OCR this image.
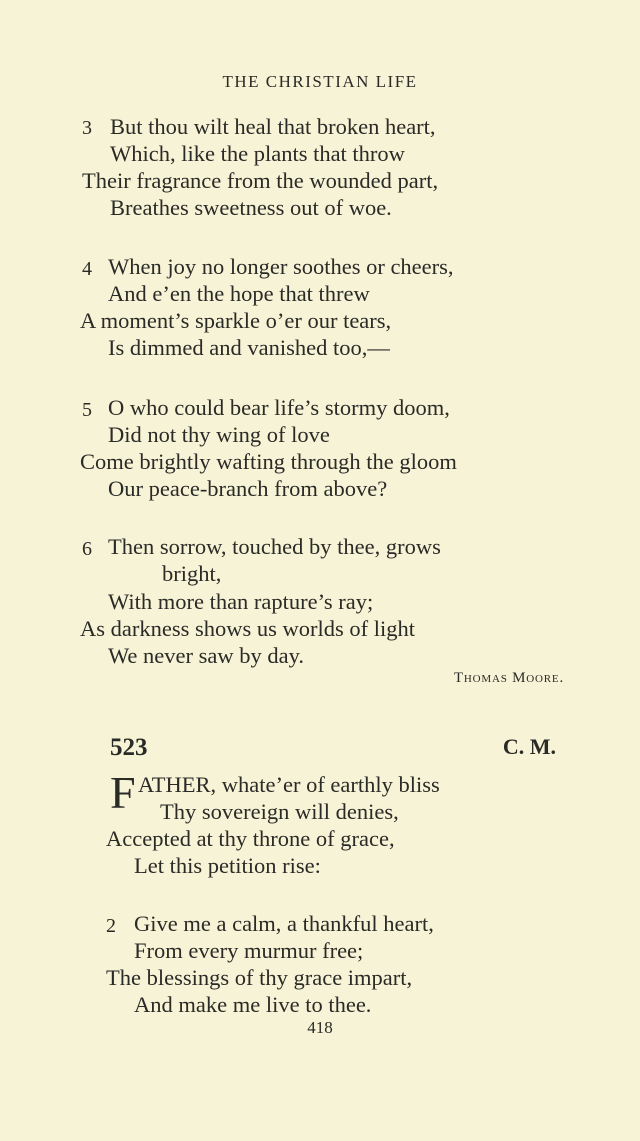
THE CHRISTIAN LIFE
3 But thou wilt heal that broken heart,
Which, like the plants that throw
Their fragrance from the wounded part,
Breathes sweetness out of woe.
4 When joy no longer soothes or cheers,
And e’en the hope that threw
A moment’s sparkle o’er our tears,
Is dimmed and vanished too,—
5 O who could bear life’s stormy doom,
Did not thy wing of love
Come brightly wafting through the gloom
Our peace-branch from above?
6 Then sorrow, touched by thee, grows
bright,
With more than rapture’s ray;
As darkness shows us worlds of light
We never saw by day.
Thomas Moore.
523	C. M.
F ATHER, whate’er of earthly bliss
Thy sovereign will denies,
Accepted at thy throne of grace,
Let this petition rise:
2 Give me a calm, a thankful heart,
From every murmur free;
The blessings of thy grace impart,
And make me live to thee.
418
